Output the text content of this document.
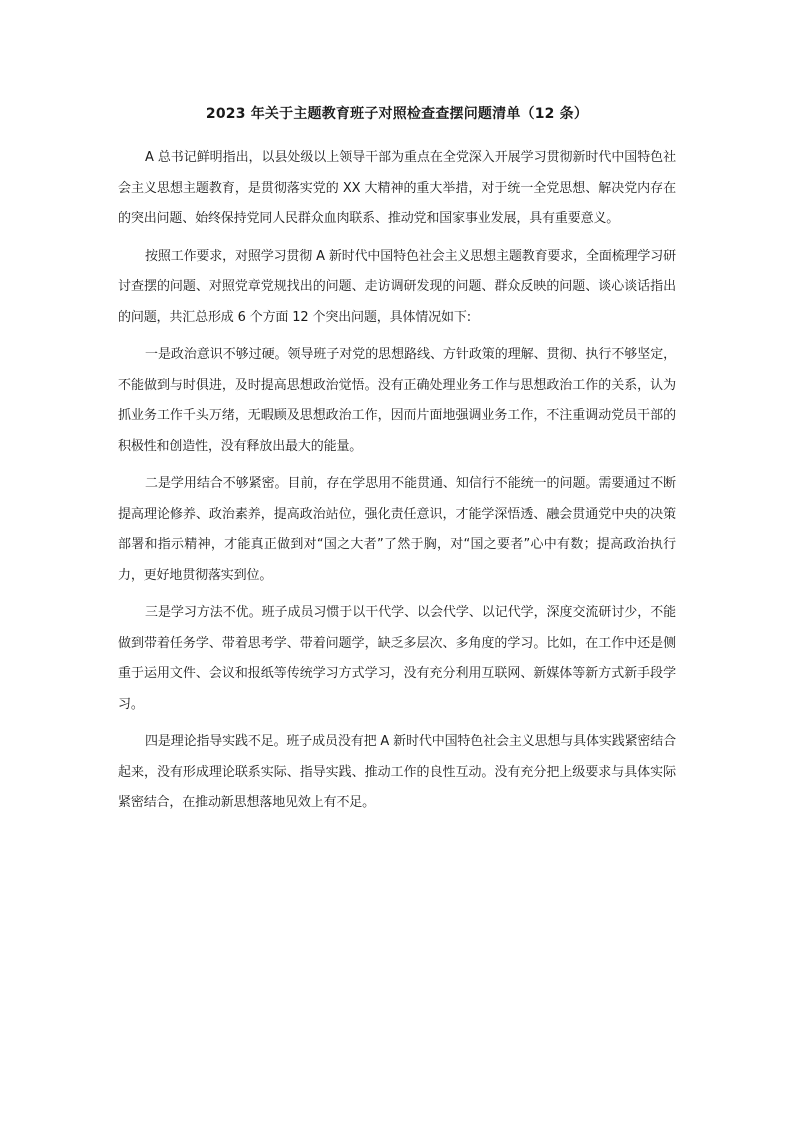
2023 年关于主题教育班子对照检查查摆问题清单（12 条）

A 总书记鲜明指出，以县处级以上领导干部为重点在全党深入开展学习贯彻新时代中国特色社会主义思想主题教育，是贯彻落实党的 XX 大精神的重大举措，对于统一全党思想、解决党内存在的突出问题、始终保持党同人民群众血肉联系、推动党和国家事业发展，具有重要意义。

按照工作要求，对照学习贯彻 A 新时代中国特色社会主义思想主题教育要求，全面梳理学习研讨查摆的问题、对照党章党规找出的问题、走访调研发现的问题、群众反映的问题、谈心谈话指出的问题，共汇总形成 6 个方面 12 个突出问题，具体情况如下:

一是政治意识不够过硬。领导班子对党的思想路线、方针政策的理解、贯彻、执行不够坚定，不能做到与时俱进，及时提高思想政治觉悟。没有正确处理业务工作与思想政治工作的关系，认为抓业务工作千头万绪，无暇顾及思想政治工作，因而片面地强调业务工作，不注重调动党员干部的积极性和创造性，没有释放出最大的能量。

二是学用结合不够紧密。目前，存在学思用不能贯通、知信行不能统一的问题。需要通过不断提高理论修养、政治素养，提高政治站位，强化责任意识，才能学深悟透、融会贯通党中央的决策部署和指示精神，才能真正做到对“国之大者”了然于胸，对“国之要者”心中有数；提高政治执行力，更好地贯彻落实到位。

三是学习方法不优。班子成员习惯于以干代学、以会代学、以记代学，深度交流研讨少，不能做到带着任务学、带着思考学、带着问题学，缺乏多层次、多角度的学习。比如，在工作中还是侧重于运用文件、会议和报纸等传统学习方式学习，没有充分利用互联网、新媒体等新方式新手段学习。

四是理论指导实践不足。班子成员没有把 A 新时代中国特色社会主义思想与具体实践紧密结合起来，没有形成理论联系实际、指导实践、推动工作的良性互动。没有充分把上级要求与具体实际紧密结合，在推动新思想落地见效上有不足。
